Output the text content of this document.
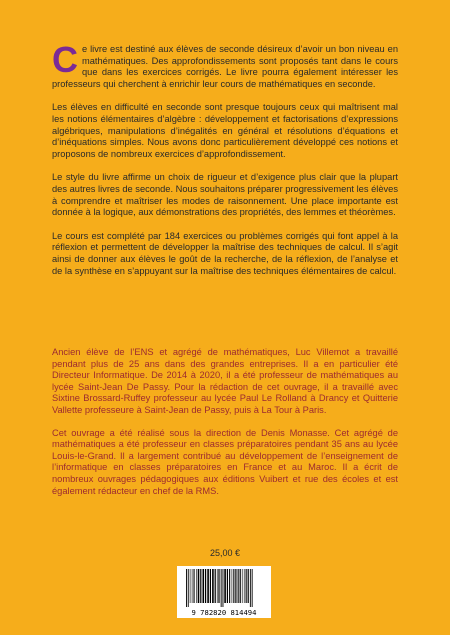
Ce livre est destiné aux élèves de seconde désireux d’avoir un bon niveau en mathématiques. Des approfondissements sont proposés tant dans le cours que dans les exercices corrigés. Le livre pourra également intéresser les professeurs qui cherchent à enrichir leur cours de mathématiques en seconde.

Les élèves en difficulté en seconde sont presque toujours ceux qui maîtrisent mal les notions élémentaires d’algèbre : développement et factorisations d’expressions algébriques, manipulations d’inégalités en général et résolutions d’équations et d’inéquations simples. Nous avons donc particulièrement développé ces notions et proposons de nombreux exercices d’approfondissement.

Le style du livre affirme un choix de rigueur et d’exigence plus clair que la plupart des autres livres de seconde. Nous souhaitons préparer progressivement les élèves à comprendre et maîtriser les modes de raisonnement. Une place importante est donnée à la logique, aux démonstrations des propriétés, des lemmes et théorèmes.

Le cours est complété par 184 exercices ou problèmes corrigés qui font appel à la réflexion et permettent de développer la maîtrise des techniques de calcul. Il s’agit ainsi de donner aux élèves le goût de la recherche, de la réflexion, de l’analyse et de la synthèse en s’appuyant sur la maîtrise des techniques élémentaires de calcul.

Ancien élève de l’ENS et agrégé de mathématiques, Luc Villemot a travaillé pendant plus de 25 ans dans des grandes entreprises. Il a en particulier été Directeur Informatique. De 2014 à 2020, il a été professeur de mathématiques au lycée Saint-Jean De Passy. Pour la rédaction de cet ouvrage, il a travaillé avec Sixtine Brossard-Ruffey professeur au lycée Paul Le Rolland à Drancy et Quitterie Vallette professeure à Saint-Jean de Passy, puis à La Tour à Paris.

Cet ouvrage a été réalisé sous la direction de Denis Monasse. Cet agrégé de mathématiques a été professeur en classes préparatoires pendant 35 ans au lycée Louis-le-Grand. Il a largement contribué au développement de l’enseignement de l’informatique en classes préparatoires en France et au Maroc. Il a écrit de nombreux ouvrages pédagogiques aux éditions Vuibert et rue des écoles et est également rédacteur en chef de la RMS.

25,00 €
9 782820 814494
